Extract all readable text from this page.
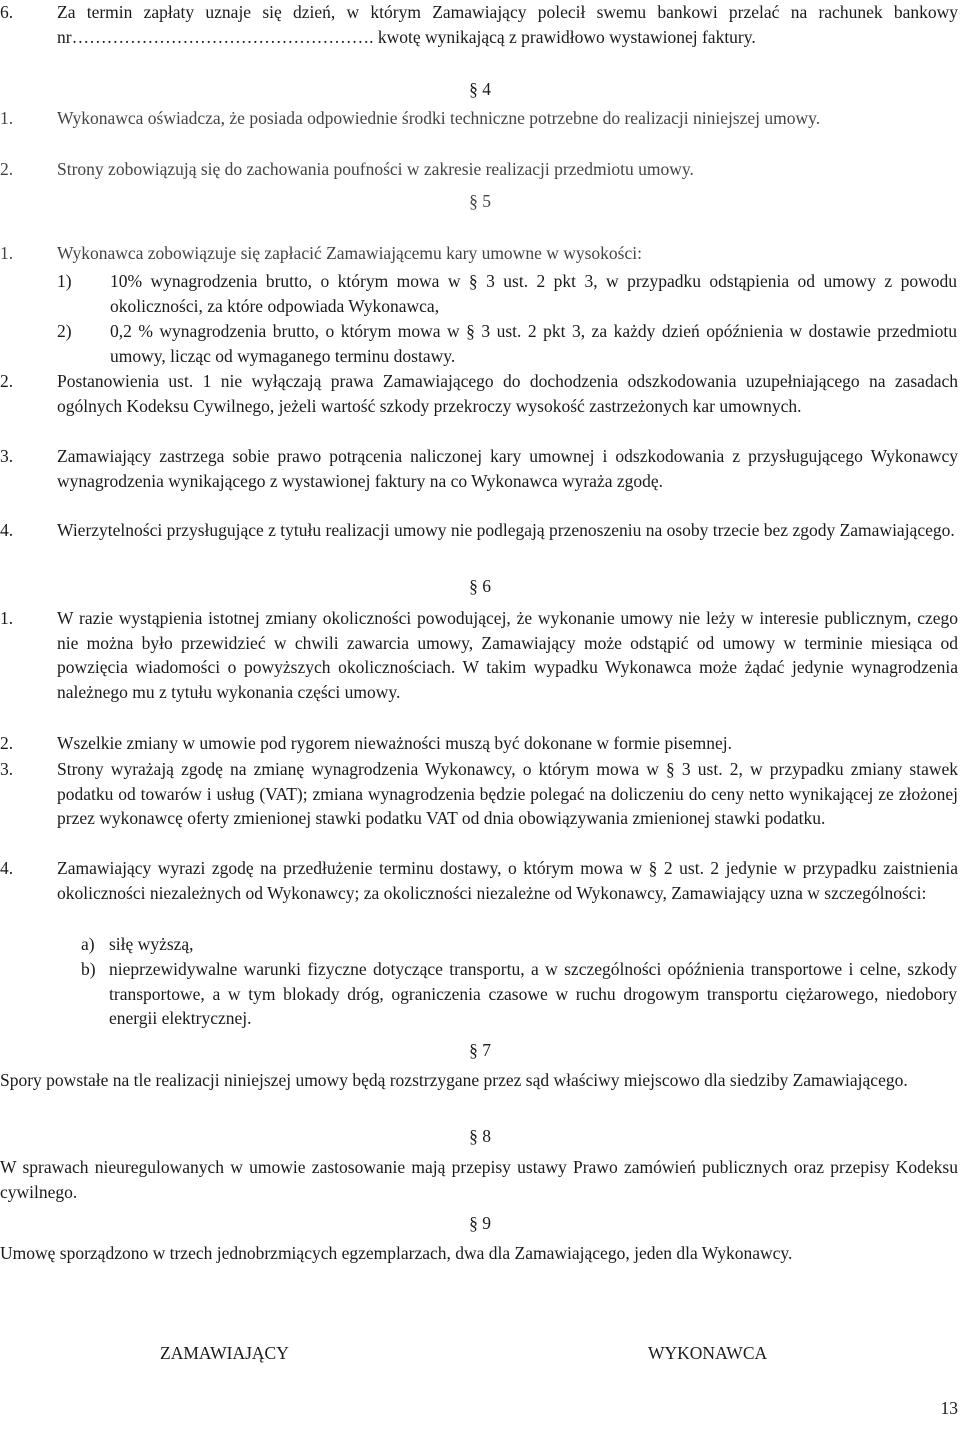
6.	Za termin zapłaty uznaje się dzień, w którym Zamawiający polecił swemu bankowi przelać na rachunek bankowy nr……………………………………………. kwotę wynikającą z prawidłowo wystawionej faktury.
§ 4
1.	Wykonawca oświadcza, że posiada odpowiednie środki techniczne potrzebne do realizacji niniejszej umowy.
2.	Strony zobowiązują się do zachowania poufności w zakresie realizacji przedmiotu umowy.
§ 5
1.	Wykonawca zobowiązuje się zapłacić Zamawiającemu kary umowne w wysokości:
1) 10% wynagrodzenia brutto, o którym mowa w § 3 ust. 2 pkt 3, w przypadku odstąpienia od umowy z powodu okoliczności, za które odpowiada Wykonawca,
2) 0,2 % wynagrodzenia brutto, o którym mowa w § 3 ust. 2 pkt 3, za każdy dzień opóźnienia w dostawie przedmiotu umowy, licząc od wymaganego terminu dostawy.
2.	Postanowienia ust. 1 nie wyłączają prawa Zamawiającego do dochodzenia odszkodowania uzupełniającego na zasadach ogólnych Kodeksu Cywilnego, jeżeli wartość szkody przekroczy wysokość zastrzeżonych kar umownych.
3.	Zamawiający zastrzega sobie prawo potrącenia naliczonej kary umownej i odszkodowania z przysługującego Wykonawcy wynagrodzenia wynikającego z wystawionej faktury na co Wykonawca wyraża zgodę.
4.	Wierzytelności przysługujące z tytułu realizacji umowy nie podlegają przenoszeniu na osoby trzecie bez zgody Zamawiającego.
§ 6
1.	W razie wystąpienia istotnej zmiany okoliczności powodującej, że wykonanie umowy nie leży w interesie publicznym, czego nie można było przewidzieć w chwili zawarcia umowy, Zamawiający może odstąpić od umowy w terminie miesiąca od powzięcia wiadomości o powyższych okolicznościach. W takim wypadku Wykonawca może żądać jedynie wynagrodzenia należnego mu z tytułu wykonania części umowy.
2.	Wszelkie zmiany w umowie pod rygorem nieważności muszą być dokonane w formie pisemnej.
3.	Strony wyrażają zgodę na zmianę wynagrodzenia Wykonawcy, o którym mowa w § 3 ust. 2, w przypadku zmiany stawek podatku od towarów i usług (VAT); zmiana wynagrodzenia będzie polegać na doliczeniu do ceny netto wynikającej ze złożonej przez wykonawcę oferty zmienionej stawki podatku VAT od dnia obowiązywania zmienionej stawki podatku.
4.	Zamawiający wyrazi zgodę na przedłużenie terminu dostawy, o którym mowa w § 2 ust. 2 jedynie w przypadku zaistnienia okoliczności niezależnych od Wykonawcy; za okoliczności niezależne od Wykonawcy, Zamawiający uzna w szczególności:
a) siłę wyższą,
b) nieprzewidywalne warunki fizyczne dotyczące transportu, a w szczególności opóźnienia transportowe i celne, szkody transportowe, a w tym blokady dróg, ograniczenia czasowe w ruchu drogowym transportu ciężarowego, niedobory energii elektrycznej.
§ 7
Spory powstałe na tle realizacji niniejszej umowy będą rozstrzygane przez sąd właściwy miejscowo dla siedziby Zamawiającego.
§ 8
W sprawach nieuregulowanych w umowie zastosowanie mają przepisy ustawy Prawo zamówień publicznych oraz przepisy Kodeksu cywilnego.
§ 9
Umowę sporządzono w trzech jednobrzmiących egzemplarzach, dwa dla Zamawiającego, jeden dla Wykonawcy.
ZAMAWIAJĄCY	WYKONAWCA
13
